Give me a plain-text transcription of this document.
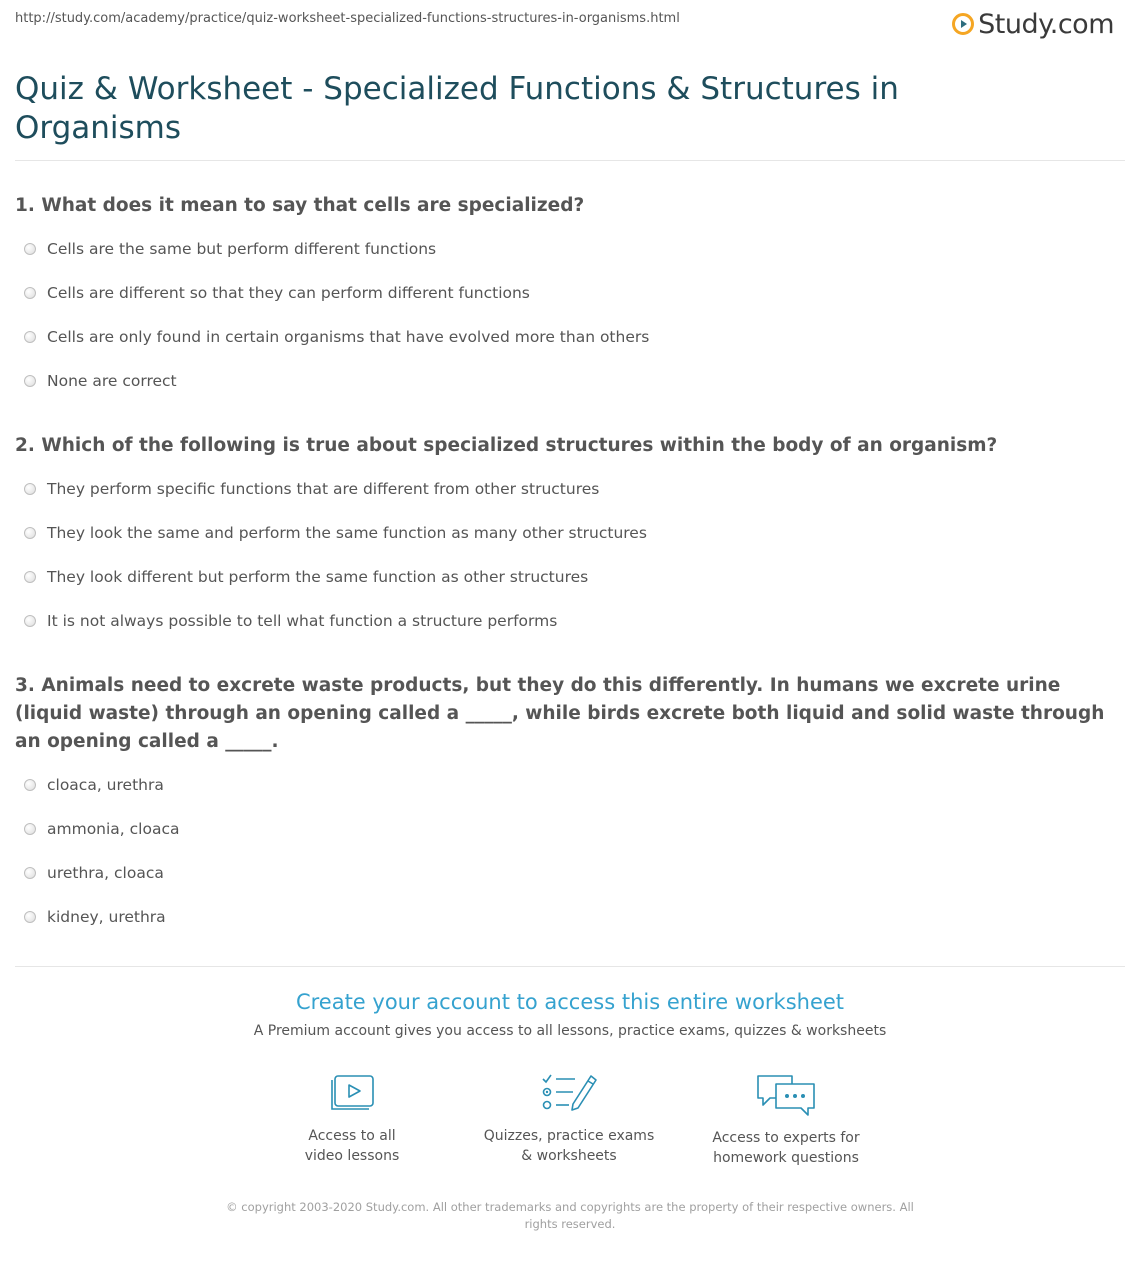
http://study.com/academy/practice/quiz-worksheet-specialized-functions-structures-in-organisms.html	Study.com
Quiz & Worksheet - Specialized Functions & Structures in Organisms

1. What does it mean to say that cells are specialized?

Cells are the same but perform different functions
Cells are different so that they can perform different functions
Cells are only found in certain organisms that have evolved more than others
None are correct

2. Which of the following is true about specialized structures within the body of an organism?

They perform specific functions that are different from other structures
They look the same and perform the same function as many other structures
They look different but perform the same function as other structures
It is not always possible to tell what function a structure performs

3. Animals need to excrete waste products, but they do this differently. In humans we excrete urine (liquid waste) through an opening called a _____, while birds excrete both liquid and solid waste through an opening called a _____.

cloaca, urethra
ammonia, cloaca
urethra, cloaca
kidney, urethra
Create your account to access this entire worksheet
A Premium account gives you access to all lessons, practice exams, quizzes & worksheets
Access to all
video lessons
Quizzes, practice exams
& worksheets
Access to experts for
homework questions
© copyright 2003-2020 Study.com. All other trademarks and copyrights are the property of their respective owners. All rights reserved.
